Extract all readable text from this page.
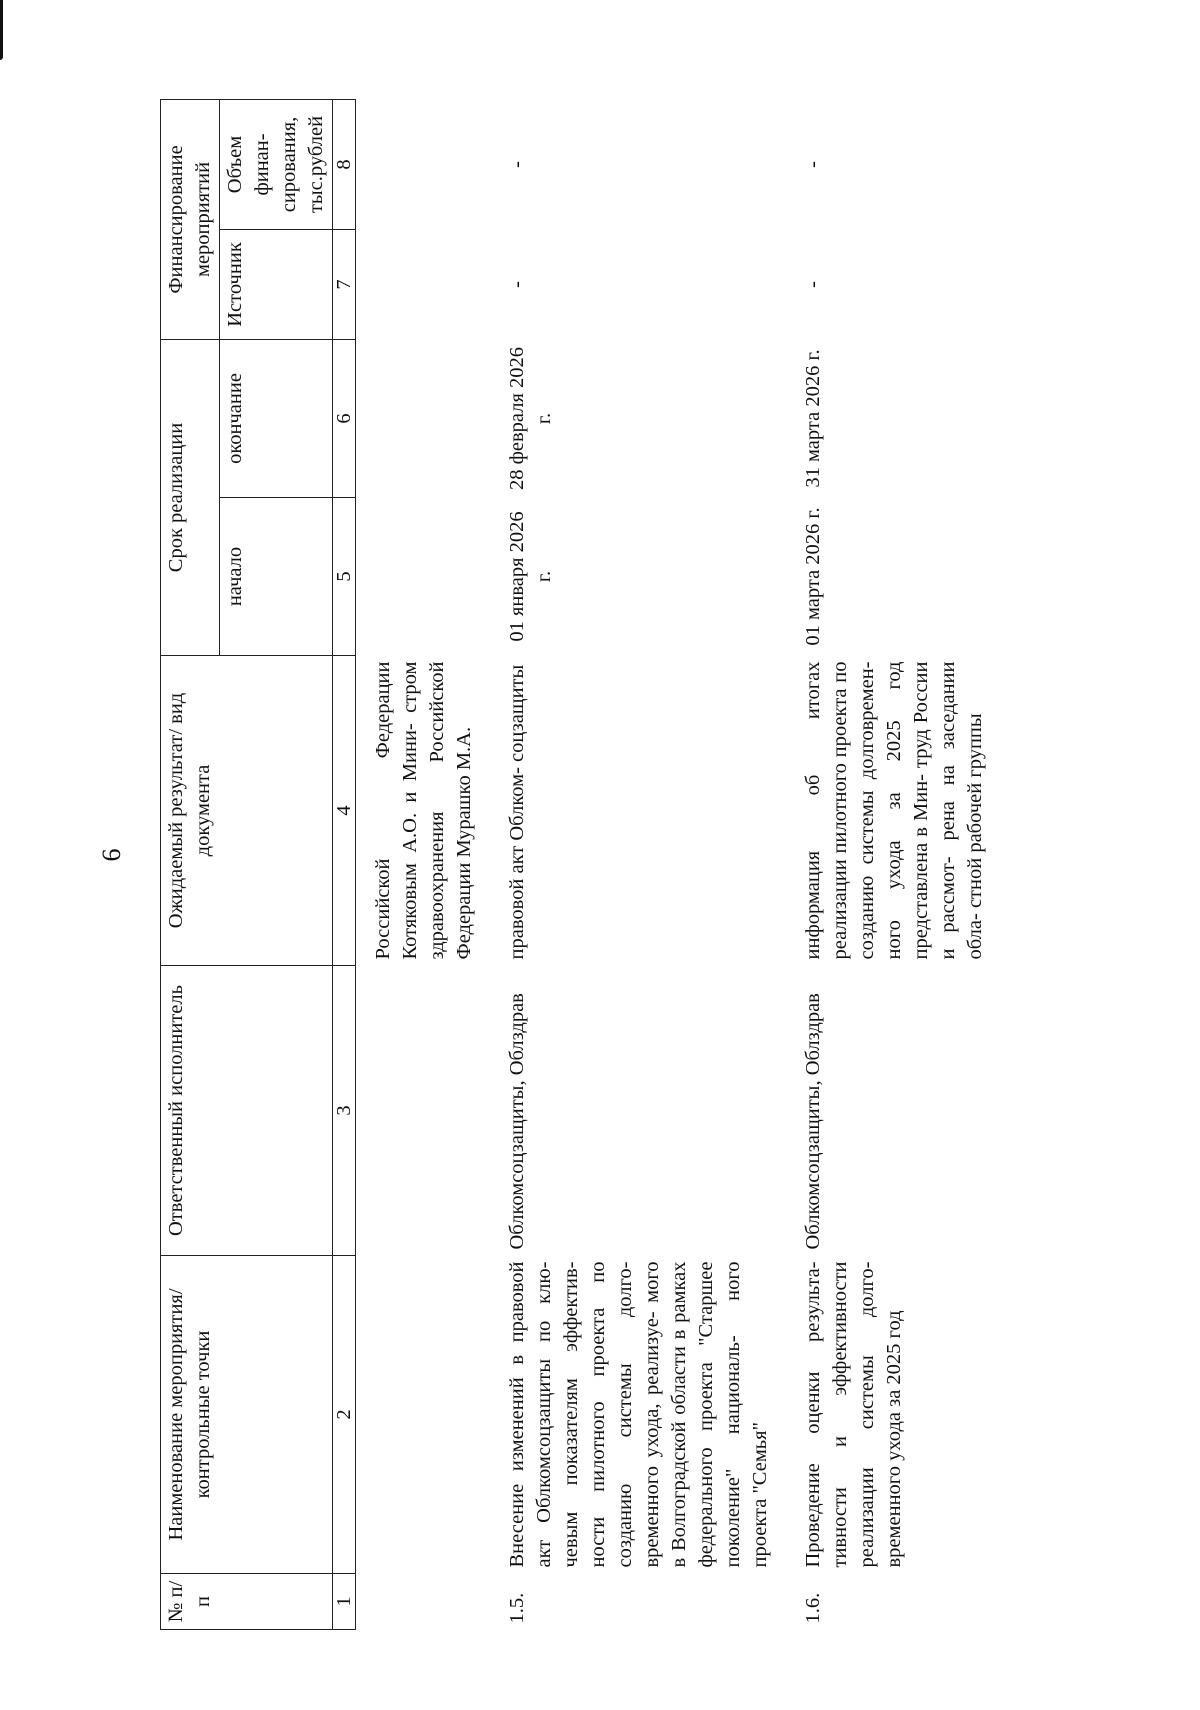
6
№ п/п	Наименование мероприятия/ контрольные точки	Ответственный исполнитель	Ожидаемый результат/ вид документа	Срок реализации		Финансирование мероприятий	
				начало	окончание	Источник	Объем финан- сирования, тыс.рублей
1	2	3	4	5	6	7	8
			Российской Федерации Котяковым А.О. и Мини- стром здравоохранения Российской Федерации Мурашко М.А.				
1.5.	Внесение изменений в правовой акт Облкомсоцзащиты по клю- чевым показателям эффектив- ности пилотного проекта по созданию системы долго- временного ухода, реализуе- мого в Волгоградской области в рамках федерального проекта "Старшее поколение" националь- ного проекта "Семья"	Облкомсоцзащиты, Облздрав	правовой акт Облком- соцзащиты	01 января 2026 г.	28 февраля 2026 г.	-	-
1.6.	Проведение оценки результа- тивности и эффективности реализации системы долго- временного ухода за 2025 год	Облкомсоцзащиты, Облздрав	информация об итогах реализации пилотного проекта по созданию системы долговремен- ного ухода за 2025 год представлена в Мин- труд России и рассмот- рена на заседании обла- стной рабочей группы	01 марта 2026 г.	31 марта 2026 г.	-	-
